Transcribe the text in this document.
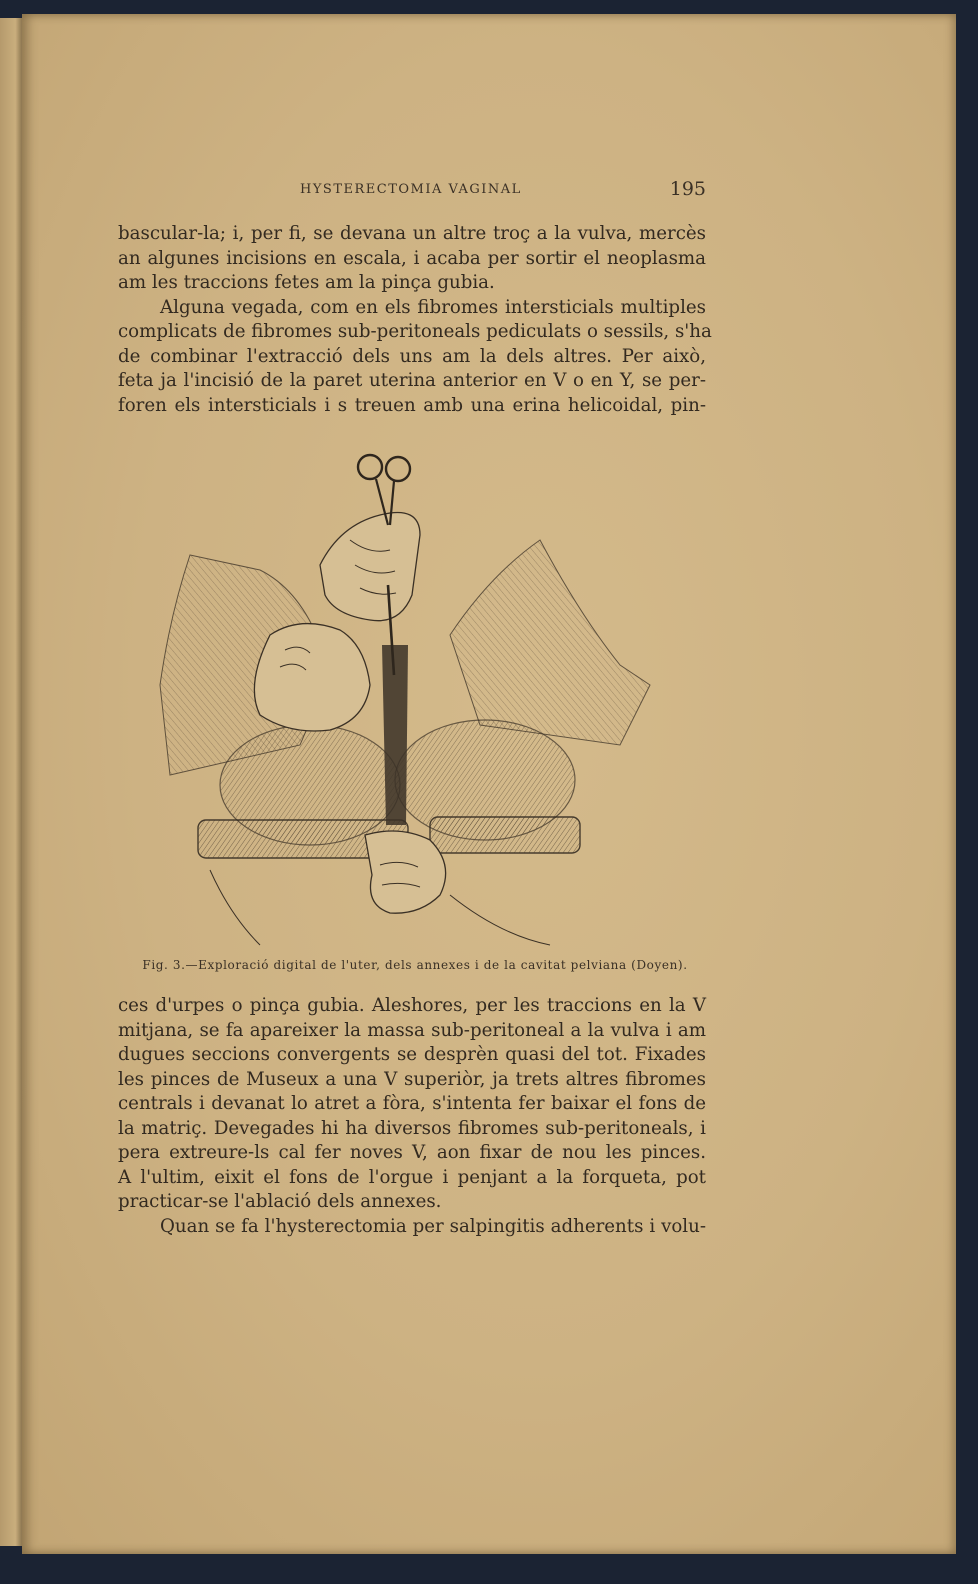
HYSTERECTOMIA VAGINAL	195

bascular-la; i, per fi, se devana un altre troç a la vulva, mercès
an algunes incisions en escala, i acaba per sortir el neoplasma
am les traccions fetes am la pinça gubia.

Alguna vegada, com en els fibromes intersticials multiples
complicats de fibromes sub-peritoneals pediculats o sessils, s'ha
de combinar l'extracció dels uns am la dels altres. Per això,
feta ja l'incisió de la paret uterina anterior en V o en Y, se per-
foren els intersticials i s treuen amb una erina helicoidal, pin-

Fig. 3.—Exploració digital de l'uter, dels annexes i de la cavitat pelviana (Doyen).

ces d'urpes o pinça gubia. Aleshores, per les traccions en la V
mitjana, se fa apareixer la massa sub-peritoneal a la vulva i am
dugues seccions convergents se desprèn quasi del tot. Fixades
les pinces de Museux a una V superiòr, ja trets altres fibromes
centrals i devanat lo atret a fòra, s'intenta fer baixar el fons de
la matriç. Devegades hi ha diversos fibromes sub-peritoneals, i
pera extreure-ls cal fer noves V, aon fixar de nou les pinces.
A l'ultim, eixit el fons de l'orgue i penjant a la forqueta, pot
practicar-se l'ablació dels annexes.

Quan se fa l'hysterectomia per salpingitis adherents i volu-
